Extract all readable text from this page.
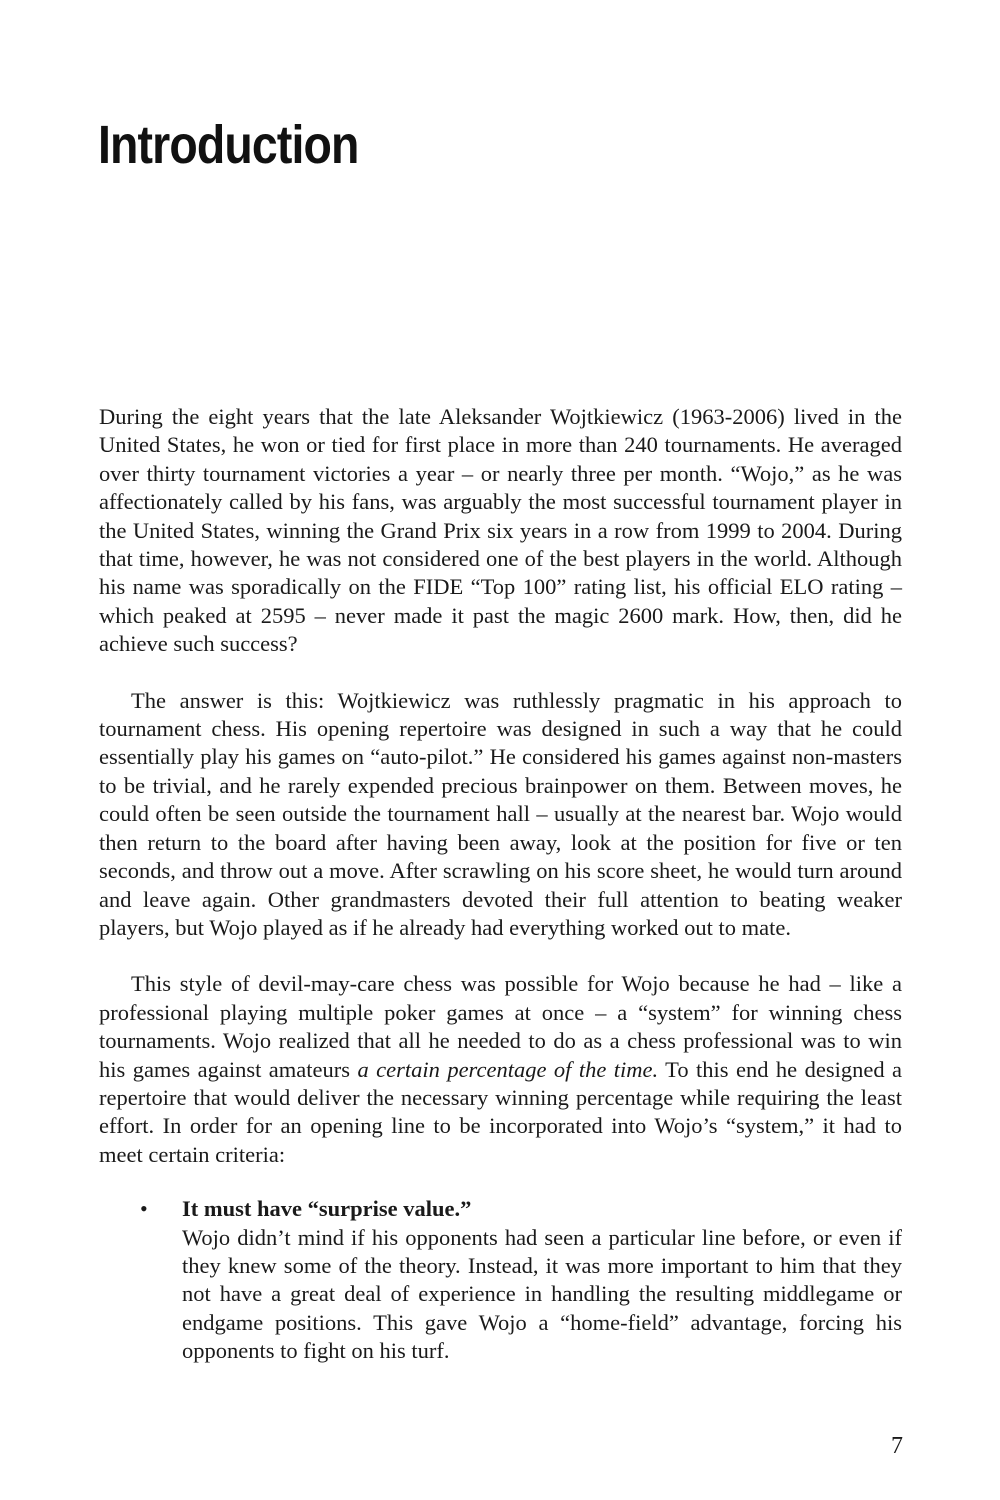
Introduction

During the eight years that the late Aleksander Wojtkiewicz (1963-2006) lived in the United States, he won or tied for first place in more than 240 tournaments. He averaged over thirty tournament victories a year – or nearly three per month. “Wojo,” as he was affectionately called by his fans, was arguably the most successful tournament player in the United States, winning the Grand Prix six years in a row from 1999 to 2004. During that time, however, he was not considered one of the best players in the world. Although his name was sporadically on the FIDE “Top 100” rating list, his official ELO rating – which peaked at 2595 – never made it past the magic 2600 mark. How, then, did he achieve such success?

The answer is this: Wojtkiewicz was ruthlessly pragmatic in his approach to tournament chess. His opening repertoire was designed in such a way that he could essentially play his games on “auto-pilot.” He considered his games against non-masters to be trivial, and he rarely expended precious brainpower on them. Between moves, he could often be seen outside the tournament hall – usually at the nearest bar. Wojo would then return to the board after having been away, look at the position for five or ten seconds, and throw out a move. After scrawling on his score sheet, he would turn around and leave again. Other grandmasters devoted their full attention to beating weaker players, but Wojo played as if he already had everything worked out to mate.

This style of devil-may-care chess was possible for Wojo because he had – like a professional playing multiple poker games at once – a “system” for winning chess tournaments. Wojo realized that all he needed to do as a chess professional was to win his games against amateurs a certain percentage of the time. To this end he designed a repertoire that would deliver the necessary winning percentage while requiring the least effort. In order for an opening line to be incorporated into Wojo’s “system,” it had to meet certain criteria:

• It must have “surprise value.”
Wojo didn’t mind if his opponents had seen a particular line before, or even if they knew some of the theory. Instead, it was more important to him that they not have a great deal of experience in handling the resulting middlegame or endgame positions. This gave Wojo a “home-field” advantage, forcing his opponents to fight on his turf.
7
